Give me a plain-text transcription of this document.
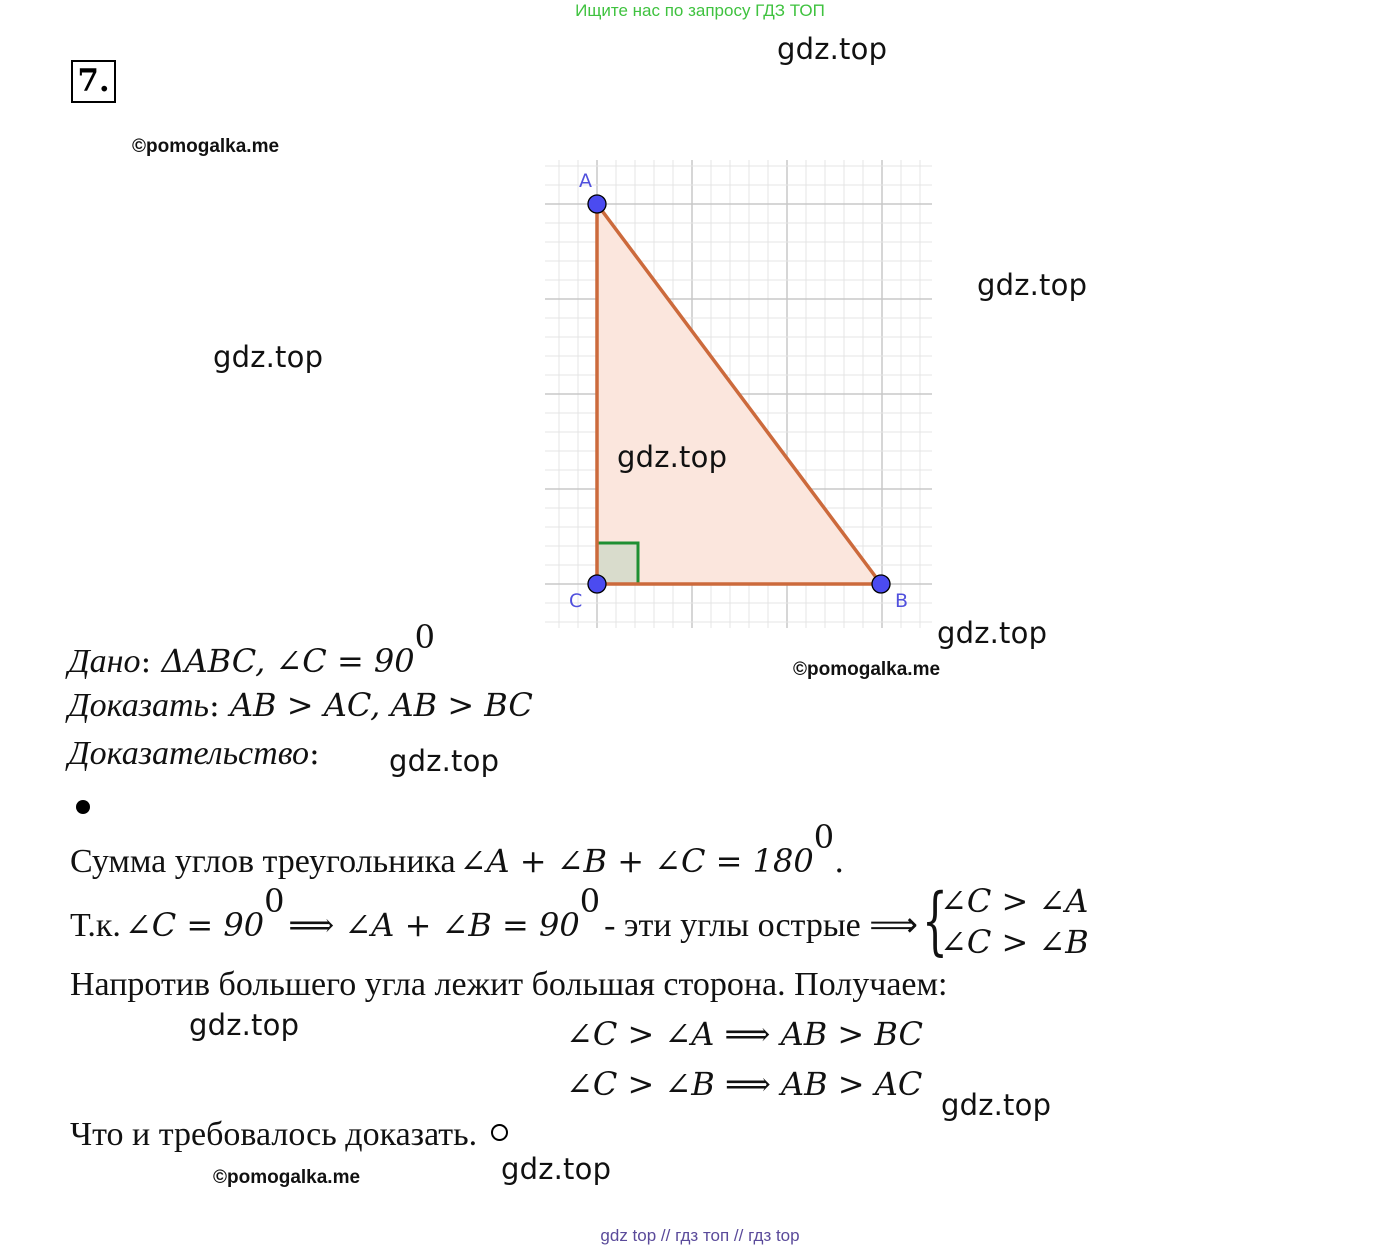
Ищите нас по запросу ГДЗ ТОП
7.
gdz.top
©pomogalka.me
gdz.top
gdz.top
gdz.top
©pomogalka.me
gdz.top
gdz.top
gdz.top
gdz.top
©pomogalka.me
A
B
C
gdz.top
Дано: ΔABC, ∠C = $90^0$
Доказать: AB > AC, AB > BC
Доказательство:
Сумма углов треугольника ∠A + ∠B + ∠C = $180^0$.
Т.к. ∠C = $90^0$ ⟹ ∠A + ∠B = $90^0$ - эти углы острые ⟹ {
∠C > ∠A
∠C > ∠B
Напротив большего угла лежит большая сторона. Получаем:
∠C > ∠A ⟹ AB > BC
∠C > ∠B ⟹ AB > AC
Что и требовалось доказать.
gdz top // гдз топ // гдз top
